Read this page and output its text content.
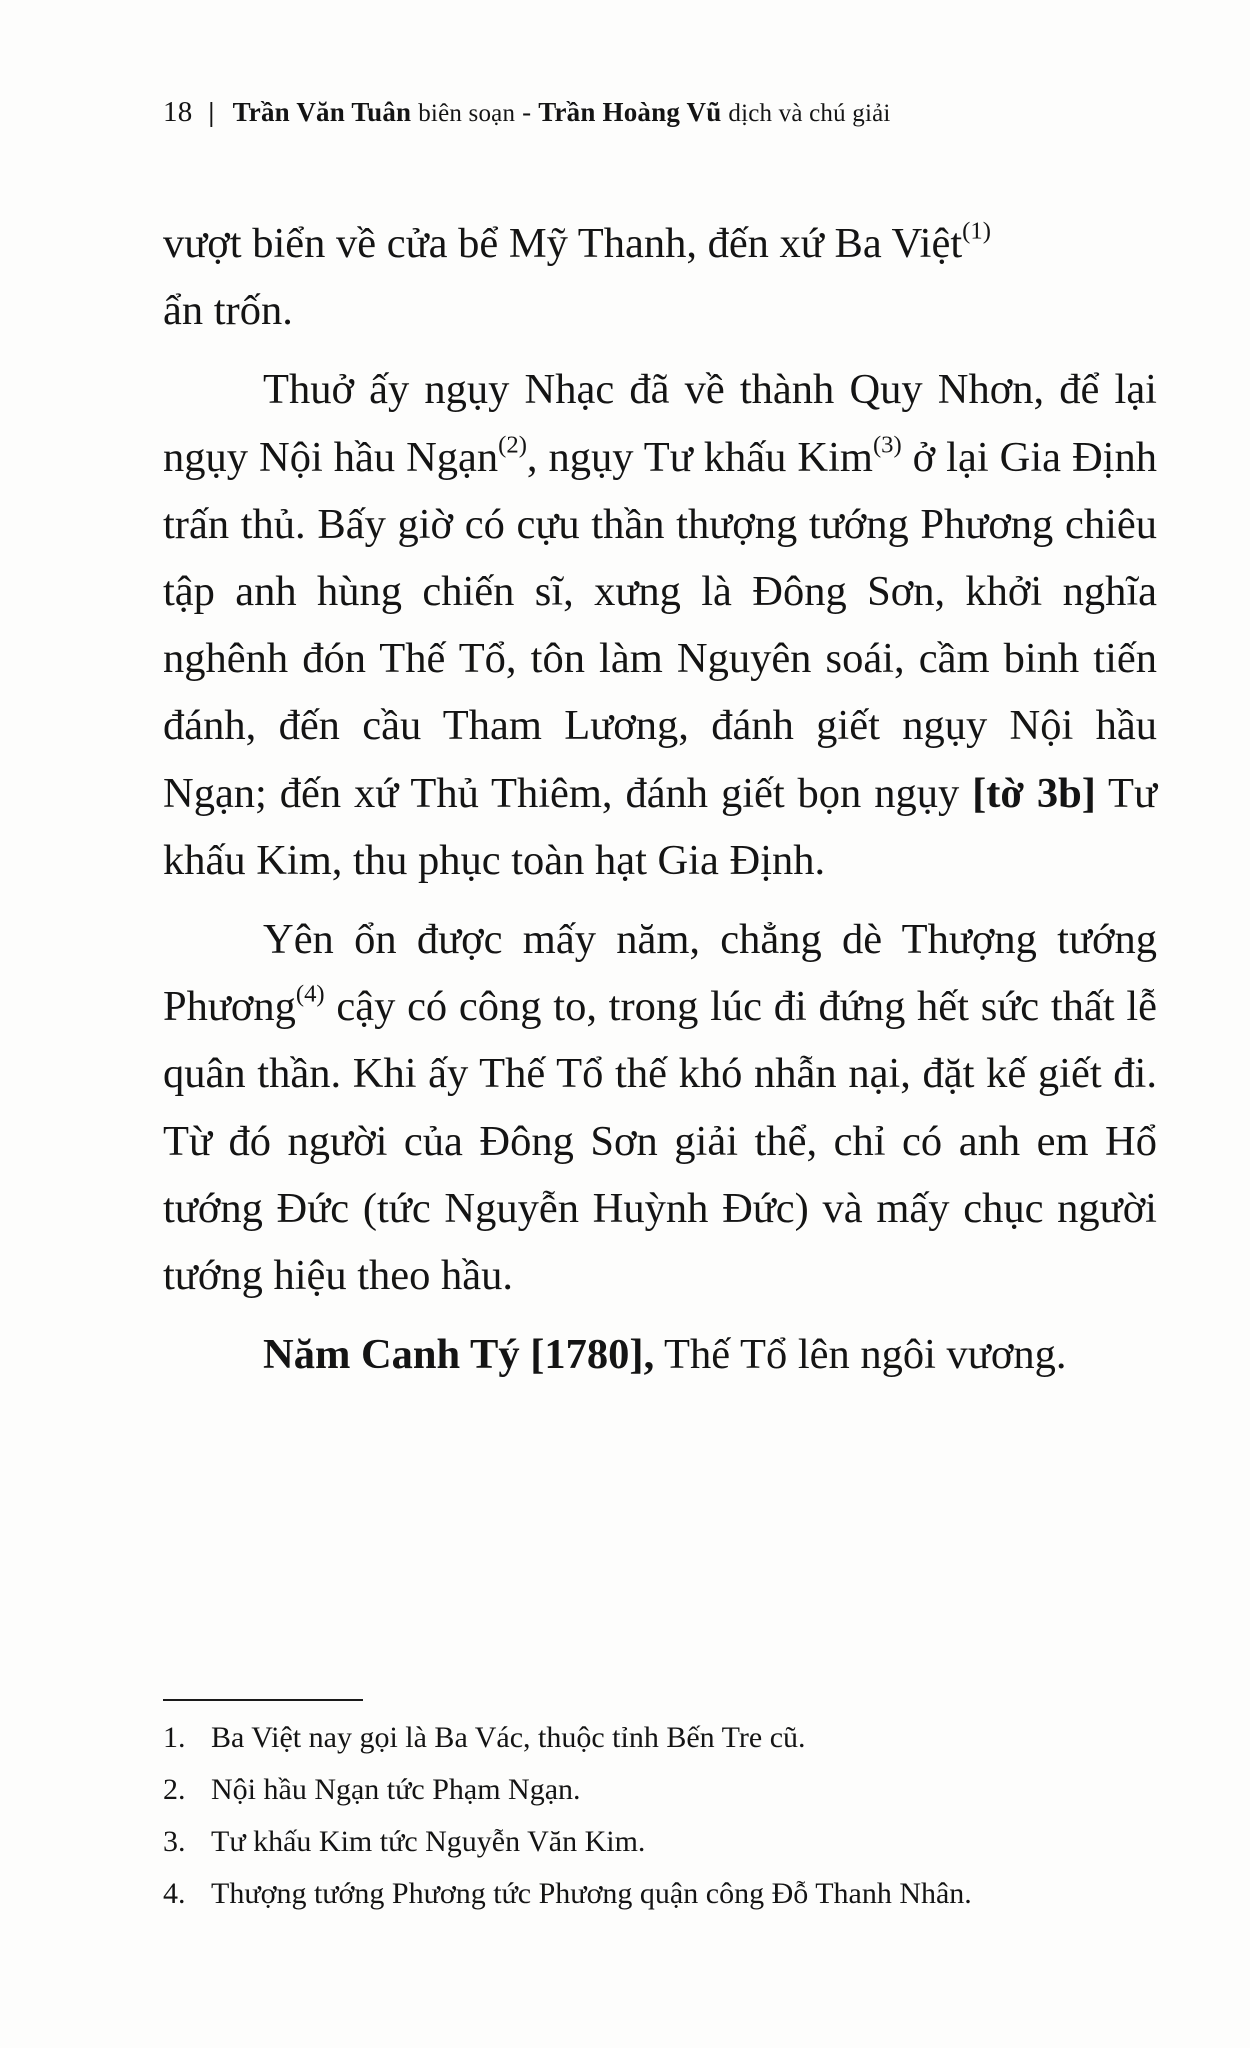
18 | Trần Văn Tuân biên soạn - Trần Hoàng Vũ dịch và chú giải

vượt biển về cửa bể Mỹ Thanh, đến xứ Ba Việt$^{(1)}$
ẩn trốn.

Thuở ấy ngụy Nhạc đã về thành Quy Nhơn, để lại ngụy Nội hầu Ngạn$^{(2)}$, ngụy Tư khấu Kim$^{(3)}$ ở lại Gia Định trấn thủ. Bấy giờ có cựu thần thượng tướng Phương chiêu tập anh hùng chiến sĩ, xưng là Đông Sơn, khởi nghĩa nghênh đón Thế Tổ, tôn làm Nguyên soái, cầm binh tiến đánh, đến cầu Tham Lương, đánh giết ngụy Nội hầu Ngạn; đến xứ Thủ Thiêm, đánh giết bọn ngụy [tờ 3b] Tư khấu Kim, thu phục toàn hạt Gia Định.

Yên ổn được mấy năm, chẳng dè Thượng tướng Phương$^{(4)}$ cậy có công to, trong lúc đi đứng hết sức thất lễ quân thần. Khi ấy Thế Tổ thế khó nhẫn nại, đặt kế giết đi. Từ đó người của Đông Sơn giải thể, chỉ có anh em Hổ tướng Đức (tức Nguyễn Huỳnh Đức) và mấy chục người tướng hiệu theo hầu.

Năm Canh Tý [1780], Thế Tổ lên ngôi vương.

1. Ba Việt nay gọi là Ba Vác, thuộc tỉnh Bến Tre cũ.
2. Nội hầu Ngạn tức Phạm Ngạn.
3. Tư khấu Kim tức Nguyễn Văn Kim.
4. Thượng tướng Phương tức Phương quận công Đỗ Thanh Nhân.
